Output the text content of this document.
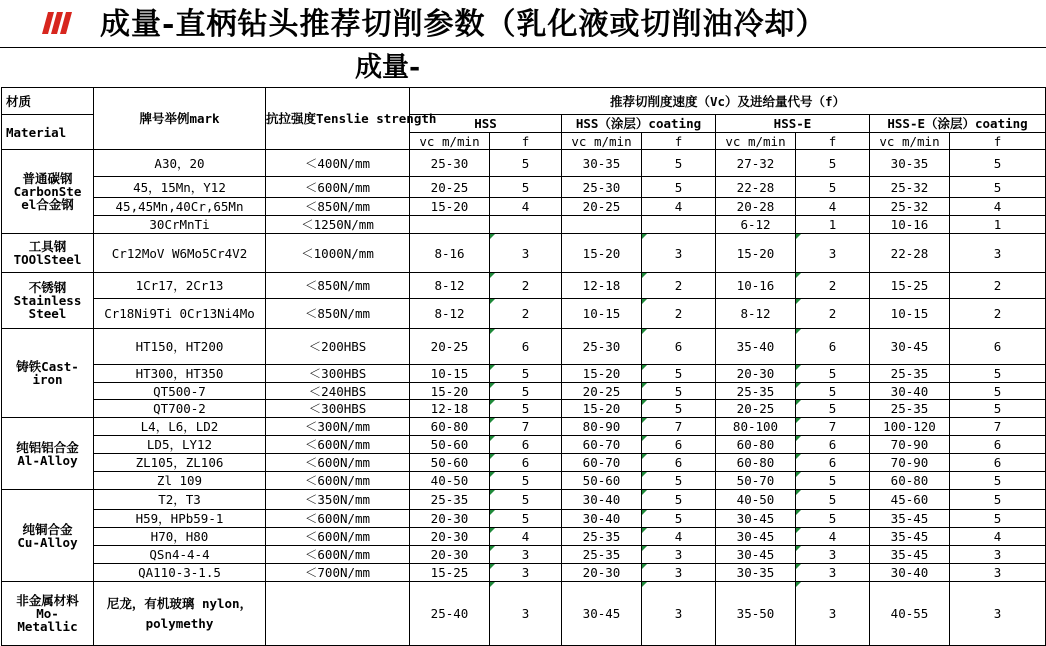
成量-直柄钻头推荐切削参数（乳化液或切削油冷却）
成量-
材质	牌号举例mark	抗拉强度Tenslie strength	推荐切削度速度（Vc）及进给量代号（f）							
Material			HSS		HSS（涂层）coating		HSS-E		HSS-E（涂层）coating	
			vc m/min	f	vc m/min	f	vc m/min	f	vc m/min	f

普通碳钢
CarbonSte
el合金钢	A30，20	＜400N/mm	25-30	5	30-35	5	27-32	5	30-35	5
	45，15Mn，Y12	＜600N/mm	20-25	5	25-30	5	22-28	5	25-32	5
	45,45Mn,40Cr,65Mn	＜850N/mm	15-20	4	20-25	4	20-28	4	25-32	4
	30CrMnTi	＜1250N/mm					6-12	1	10-16	1

工具钢
TOOlSteel	Cr12MoV W6Mo5Cr4V2	＜1000N/mm	8-16	3	15-20	3	15-20	3	22-28	3

不锈钢
Stainless
Steel	1Cr17，2Cr13	＜850N/mm	8-12	2	12-18	2	10-16	2	15-25	2
	Cr18Ni9Ti 0Cr13Ni4Mo	＜850N/mm	8-12	2	10-15	2	8-12	2	10-15	2

铸铁Cast-
iron	HT150，HT200	＜200HBS	20-25	6	25-30	6	35-40	6	30-45	6
	HT300，HT350	＜300HBS	10-15	5	15-20	5	20-30	5	25-35	5
	QT500-7	＜240HBS	15-20	5	20-25	5	25-35	5	30-40	5
	QT700-2	＜300HBS	12-18	5	15-20	5	20-25	5	25-35	5

纯铝铝合金
Al-Alloy	L4，L6，LD2	＜300N/mm	60-80	7	80-90	7	80-100	7	100-120	7
	LD5，LY12	＜600N/mm	50-60	6	60-70	6	60-80	6	70-90	6
	ZL105，ZL106	＜600N/mm	50-60	6	60-70	6	60-80	6	70-90	6
	Zl 109	＜600N/mm	40-50	5	50-60	5	50-70	5	60-80	5

纯铜合金
Cu-Alloy	T2，T3	＜350N/mm	25-35	5	30-40	5	40-50	5	45-60	5
	H59，HPb59-1	＜600N/mm	20-30	5	30-40	5	30-45	5	35-45	5
	H70，H80	＜600N/mm	20-30	4	25-35	4	30-45	4	35-45	4
	QSn4-4-4	＜600N/mm	20-30	3	25-35	3	30-45	3	35-45	3
	QA110-3-1.5	＜700N/mm	15-25	3	20-30	3	30-35	3	30-40	3

非金属材料
Mo-
Metallic	尼龙，有机玻璃 nylon，polymethy		25-40	3	30-45	3	35-50	3	40-55	3
